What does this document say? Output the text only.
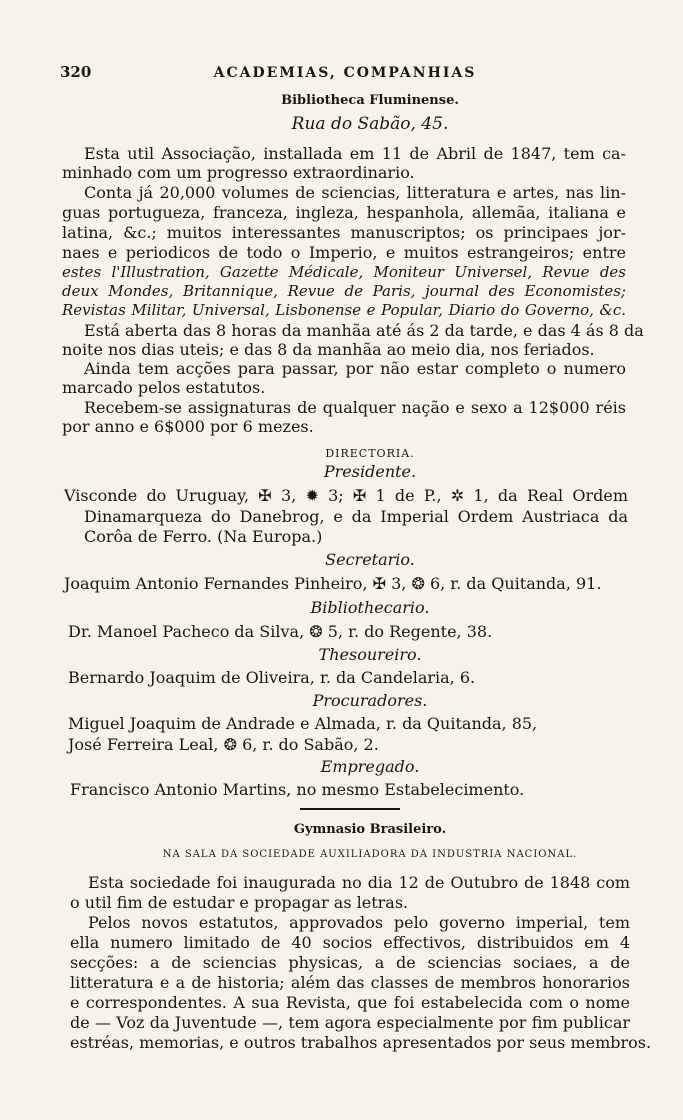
320	ACADEMIAS, COMPANHIAS
Bibliotheca Fluminense.
Rua do Sabão, 45.
Esta util Associação, installada em 11 de Abril de 1847, tem ca-
minhado com um progresso extraordinario.
Conta já 20,000 volumes de sciencias, litteratura e artes, nas lin-
guas portugueza, franceza, ingleza, hespanhola, allemãa, italiana e
latina, &c.; muitos interessantes manuscriptos; os principaes jor-
naes e periodicos de todo o Imperio, e muitos estrangeiros; entre
estes l'Illustration, Gazette Médicale, Moniteur Universel, Revue des
deux Mondes, Britannique, Revue de Paris, journal des Economistes;
Revistas Militar, Universal, Lisbonense e Popular, Diario do Governo, &c.
Está aberta das 8 horas da manhãa até ás 2 da tarde, e das 4 ás 8 da
noite nos dias uteis; e das 8 da manhãa ao meio dia, nos feriados.
Ainda tem acções para passar, por não estar completo o numero
marcado pelos estatutos.
Recebem-se assignaturas de qualquer nação e sexo a 12$000 réis
por anno e 6$000 por 6 mezes.
DIRECTORIA.
Presidente.
Visconde do Uruguay, ✠ 3, ✹ 3; ✠ 1 de P., ✲ 1, da Real Ordem
Dinamarqueza do Danebrog, e da Imperial Ordem Austriaca da
Corôa de Ferro. (Na Europa.)
Secretario.
Joaquim Antonio Fernandes Pinheiro, ✠ 3, ❂ 6, r. da Quitanda, 91.
Bibliothecario.
Dr. Manoel Pacheco da Silva, ❂ 5, r. do Regente, 38.
Thesoureiro.
Bernardo Joaquim de Oliveira, r. da Candelaria, 6.
Procuradores.
Miguel Joaquim de Andrade e Almada, r. da Quitanda, 85,
José Ferreira Leal, ❂ 6, r. do Sabão, 2.
Empregado.
Francisco Antonio Martins, no mesmo Estabelecimento.
Gymnasio Brasileiro.
NA SALA DA SOCIEDADE AUXILIADORA DA INDUSTRIA NACIONAL.
Esta sociedade foi inaugurada no dia 12 de Outubro de 1848 com
o util fim de estudar e propagar as letras.
Pelos novos estatutos, approvados pelo governo imperial, tem
ella numero limitado de 40 socios effectivos, distribuidos em 4
secções: a de sciencias physicas, a de sciencias sociaes, a de
litteratura e a de historia; além das classes de membros honorarios
e correspondentes. A sua Revista, que foi estabelecida com o nome
de — Voz da Juventude —, tem agora especialmente por fim publicar
estréas, memorias, e outros trabalhos apresentados por seus membros.
